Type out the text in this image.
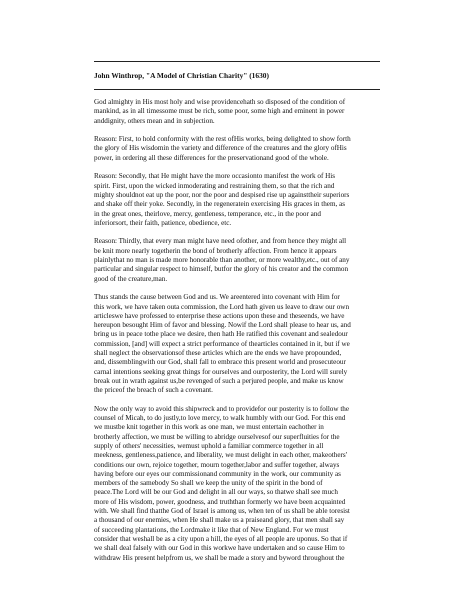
John Winthrop, "A Model of Christian Charity" (1630)
God almighty in His most holy and wise providencehath so disposed of the condition of
mankind, as in all timessome must be rich, some poor, some high and eminent in power
anddignity, others mean and in subjection.
Reason: First, to hold conformity with the rest ofHis works, being delighted to show forth
the glory of His wisdomin the variety and difference of the creatures and the glory ofHis
power, in ordering all these differences for the preservationand good of the whole.
Reason: Secondly, that He might have the more occasionto manifest the work of His
spirit. First, upon the wicked inmoderating and restraining them, so that the rich and
mighty shouldnot eat up the poor, nor the poor and despised rise up againsttheir superiors
and shake off their yoke. Secondly, in the regeneratein exercising His graces in them, as
in the great ones, theirlove, mercy, gentleness, temperance, etc., in the poor and
inferiorsort, their faith, patience, obedience, etc.
Reason: Thirdly, that every man might have need ofother, and from hence they might all
be knit more nearly togetherin the bond of brotherly affection. From hence it appears
plainlythat no man is made more honorable than another, or more wealthy,etc., out of any
particular and singular respect to himself, butfor the glory of his creator and the common
good of the creature,man.
Thus stands the cause between God and us. We areentered into covenant with Him for
this work, we have taken outa commission, the Lord hath given us leave to draw our own
articleswe have professed to enterprise these actions upon these and theseends, we have
hereupon besought Him of favor and blessing. Nowif the Lord shall please to hear us, and
bring us in peace tothe place we desire, then hath He ratified this covenant and sealedour
commission, [and] will expect a strict performance of thearticles contained in it, but if we
shall neglect the observationsof these articles which are the ends we have propounded,
and, dissemblingwith our God, shall fall to embrace this present world and prosecuteour
carnal intentions seeking great things for ourselves and ourposterity, the Lord will surely
break out in wrath against us,be revenged of such a perjured people, and make us know
the priceof the breach of such a covenant.
Now the only way to avoid this shipwreck and to providefor our posterity is to follow the
counsel of Micah, to do justly,to love mercy, to walk humbly with our God. For this end
we mustbe knit together in this work as one man, we must entertain eachother in
brotherly affection, we must be willing to abridge ourselvesof our superfluities for the
supply of others' necessities, wemust uphold a familiar commerce together in all
meekness, gentleness,patience, and liberality, we must delight in each other, makeothers'
conditions our own, rejoice together, mourn together,labor and suffer together, always
having before our eyes our commissionand community in the work, our community as
members of the samebody So shall we keep the unity of the spirit in the bond of
peace.The Lord will be our God and delight in all our ways, so thatwe shall see much
more of His wisdom, power, goodness, and truththan formerly we have been acquainted
with. We shall find thatthe God of Israel is among us, when ten of us shall be able toresist
a thousand of our enemies, when He shall make us a praiseand glory, that men shall say
of succeeding plantations, the Lordmake it like that of New England. For we must
consider that weshall be as a city upon a hill, the eyes of all people are uponus. So that if
we shall deal falsely with our God in this workwe have undertaken and so cause Him to
withdraw His present helpfrom us, we shall be made a story and byword throughout the
